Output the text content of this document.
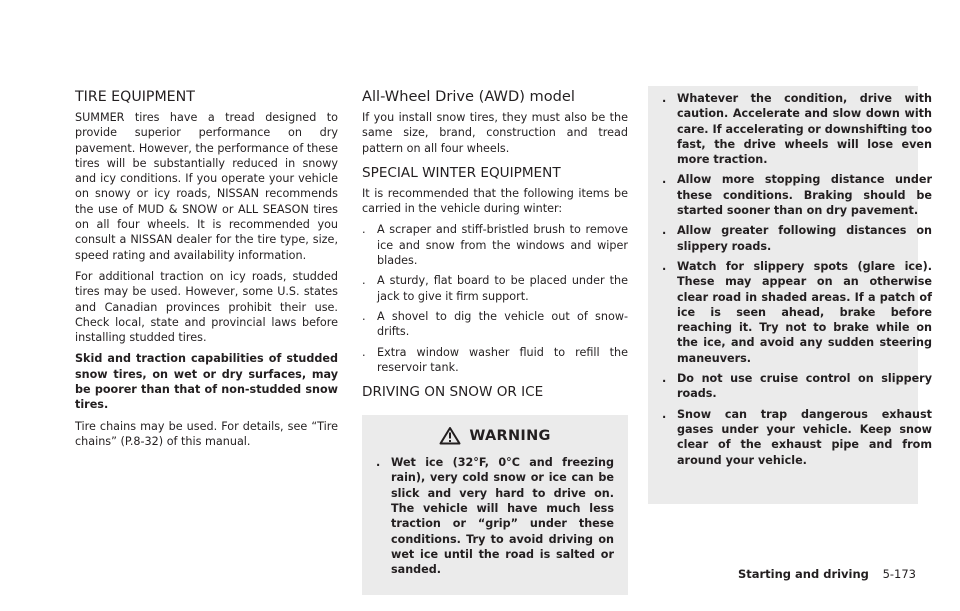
TIRE EQUIPMENT

SUMMER tires have a tread designed to provide superior performance on dry pavement. However, the performance of these tires will be substantially reduced in snowy and icy conditions. If you operate your vehicle on snowy or icy roads, NISSAN recommends the use of MUD & SNOW or ALL SEASON tires on all four wheels. It is recommended you consult a NISSAN dealer for the tire type, size, speed rating and availability information.

For additional traction on icy roads, studded tires may be used. However, some U.S. states and Canadian provinces prohibit their use. Check local, state and provincial laws before installing studded tires.

Skid and traction capabilities of studded snow tires, on wet or dry surfaces, may be poorer than that of non-studded snow tires.

Tire chains may be used. For details, see “Tire chains” (P.8-32) of this manual.

All-Wheel Drive (AWD) model

If you install snow tires, they must also be the same size, brand, construction and tread pattern on all four wheels.

SPECIAL WINTER EQUIPMENT

It is recommended that the following items be carried in the vehicle during winter:

. A scraper and stiff-bristled brush to remove ice and snow from the windows and wiper blades.
. A sturdy, flat board to be placed under the jack to give it firm support.
. A shovel to dig the vehicle out of snow-drifts.
. Extra window washer fluid to refill the reservoir tank.
DRIVING ON SNOW OR ICE
WARNING
. Wet ice (32°F, 0°C and freezing rain), very cold snow or ice can be slick and very hard to drive on. The vehicle will have much less traction or “grip” under these conditions. Try to avoid driving on wet ice until the road is salted or sanded.
. Whatever the condition, drive with caution. Accelerate and slow down with care. If accelerating or downshifting too fast, the drive wheels will lose even more traction.
. Allow more stopping distance under these conditions. Braking should be started sooner than on dry pavement.
. Allow greater following distances on slippery roads.
. Watch for slippery spots (glare ice). These may appear on an otherwise clear road in shaded areas. If a patch of ice is seen ahead, brake before reaching it. Try not to brake while on the ice, and avoid any sudden steering maneuvers.
. Do not use cruise control on slippery roads.
. Snow can trap dangerous exhaust gases under your vehicle. Keep snow clear of the exhaust pipe and from around your vehicle.
Starting and driving 5-173
